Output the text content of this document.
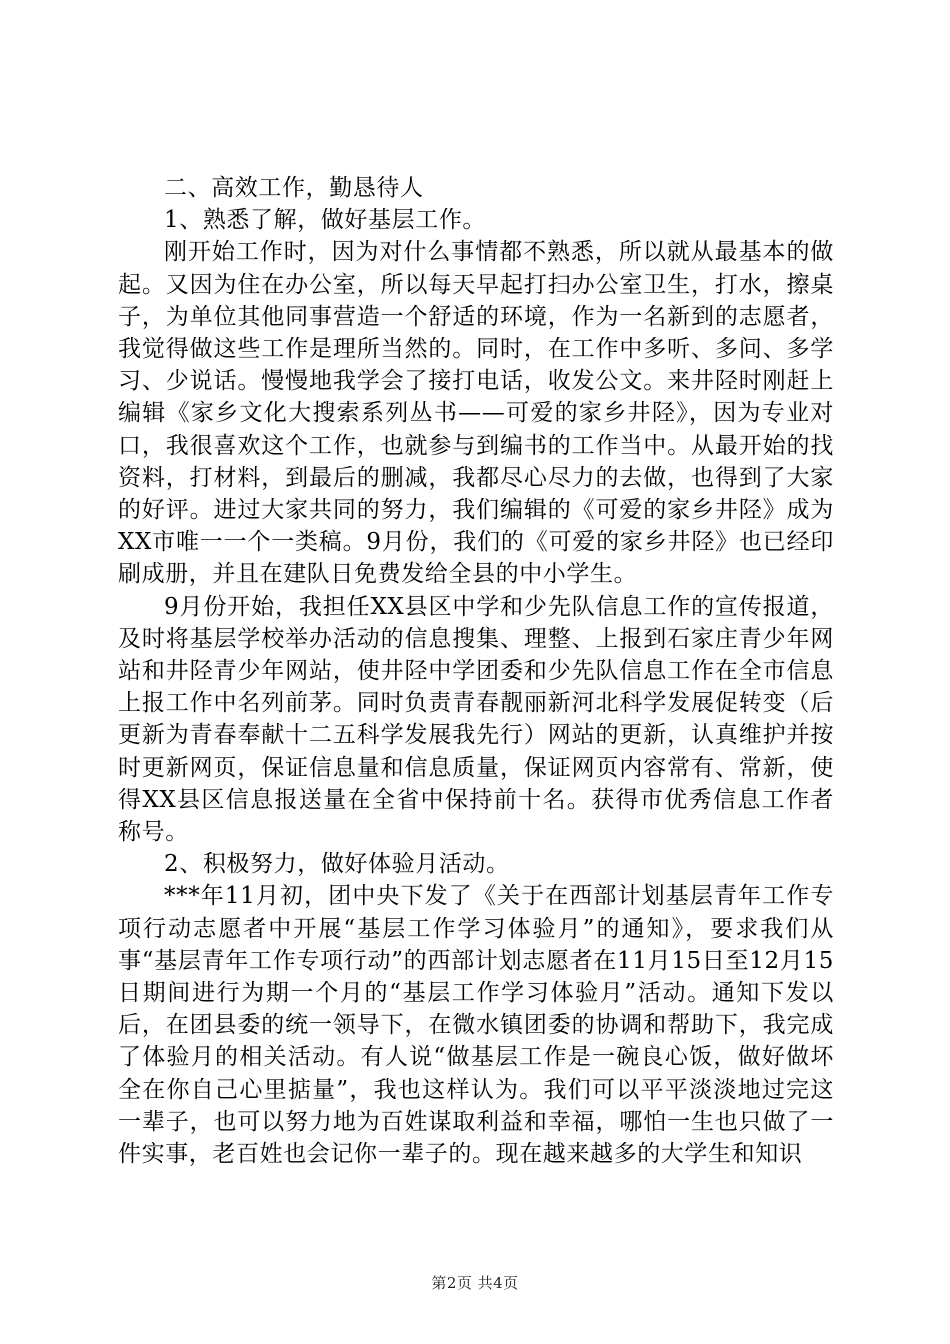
二、高效工作，勤恳待人

1、熟悉了解，做好基层工作。

刚开始工作时，因为对什么事情都不熟悉，所以就从最基本的做起。又因为住在办公室，所以每天早起打扫办公室卫生，打水，擦桌子，为单位其他同事营造一个舒适的环境，作为一名新到的志愿者，我觉得做这些工作是理所当然的。同时，在工作中多听、多问、多学习、少说话。慢慢地我学会了接打电话，收发公文。来井陉时刚赶上编辑《家乡文化大搜索系列丛书——可爱的家乡井陉》，因为专业对口，我很喜欢这个工作，也就参与到编书的工作当中。从最开始的找资料，打材料，到最后的删减，我都尽心尽力的去做，也得到了大家的好评。进过大家共同的努力，我们编辑的《可爱的家乡井陉》成为XX市唯一一个一类稿。9月份，我们的《可爱的家乡井陉》也已经印刷成册，并且在建队日免费发给全县的中小学生。

9月份开始，我担任XX县区中学和少先队信息工作的宣传报道，及时将基层学校举办活动的信息搜集、理整、上报到石家庄青少年网站和井陉青少年网站，使井陉中学团委和少先队信息工作在全市信息上报工作中名列前茅。同时负责青春靓丽新河北科学发展促转变（后更新为青春奉献十二五科学发展我先行）网站的更新，认真维护并按时更新网页，保证信息量和信息质量，保证网页内容常有、常新，使得XX县区信息报送量在全省中保持前十名。获得市优秀信息工作者称号。

2、积极努力，做好体验月活动。

***年11月初，团中央下发了《关于在西部计划基层青年工作专项行动志愿者中开展“基层工作学习体验月”的通知》，要求我们从事“基层青年工作专项行动”的西部计划志愿者在11月15日至12月15日期间进行为期一个月的“基层工作学习体验月”活动。通知下发以后，在团县委的统一领导下，在微水镇团委的协调和帮助下，我完成了体验月的相关活动。有人说“做基层工作是一碗良心饭，做好做坏全在你自己心里掂量”，我也这样认为。我们可以平平淡淡地过完这一辈子，也可以努力地为百姓谋取利益和幸福，哪怕一生也只做了一件实事，老百姓也会记你一辈子的。现在越来越多的大学生和知识

第2页 共4页
